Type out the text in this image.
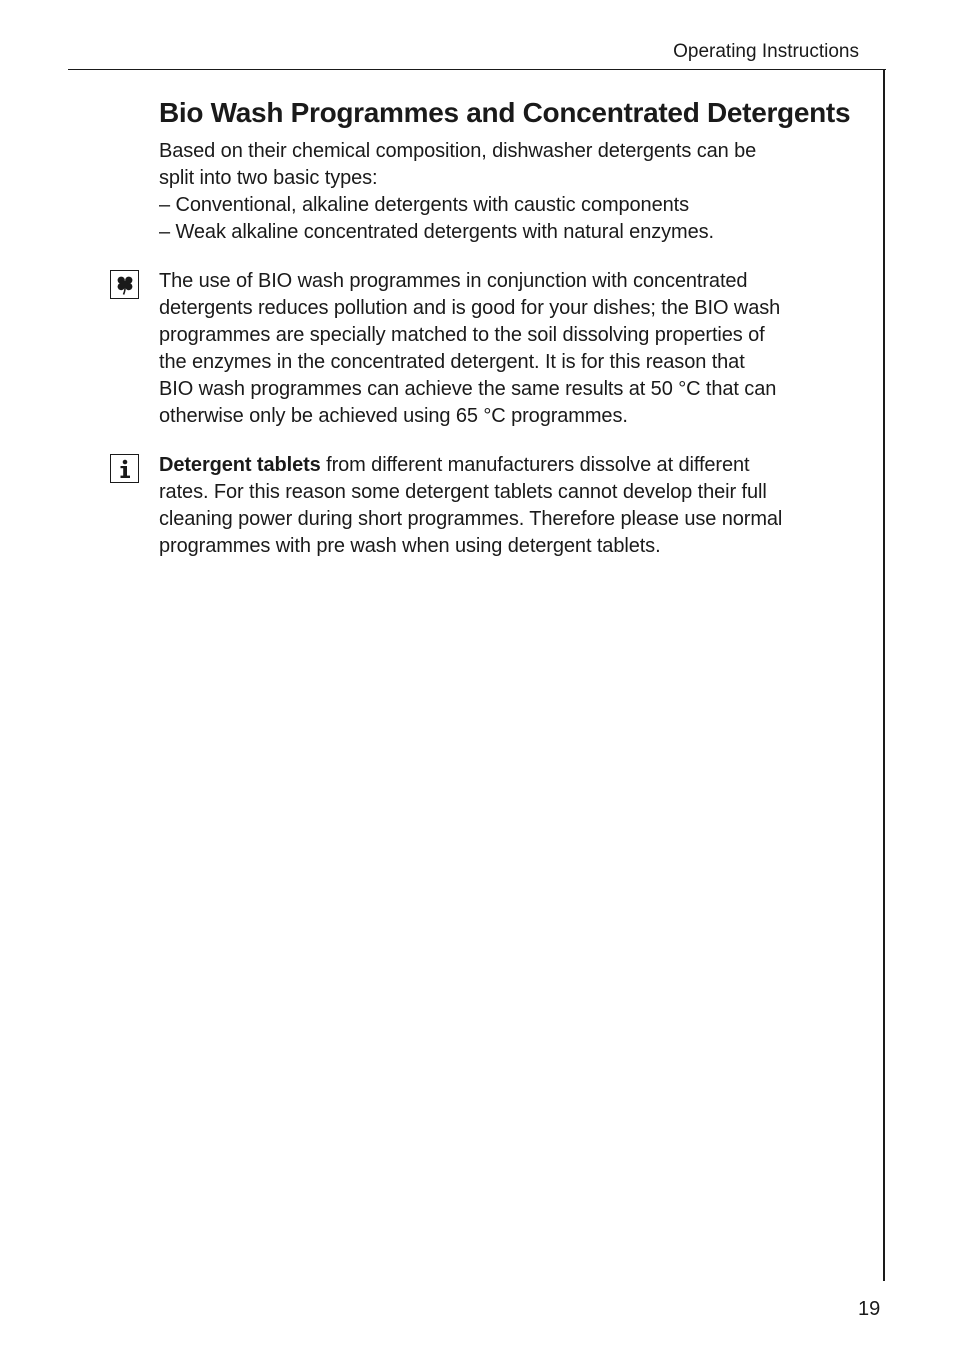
Operating Instructions
Bio Wash Programmes and Concentrated Detergents

Based on their chemical composition, dishwasher detergents can be
split into two basic types:
– Conventional, alkaline detergents with caustic components
– Weak alkaline concentrated detergents with natural enzymes.

The use of BIO wash programmes in conjunction with concentrated
detergents reduces pollution and is good for your dishes; the BIO wash
programmes are specially matched to the soil dissolving properties of
the enzymes in the concentrated detergent. It is for this reason that
BIO wash programmes can achieve the same results at 50 °C that can
otherwise only be achieved using 65 °C programmes.

Detergent tablets from different manufacturers dissolve at different
rates. For this reason some detergent tablets cannot develop their full
cleaning power during short programmes. Therefore please use normal
programmes with pre wash when using detergent tablets.

19
